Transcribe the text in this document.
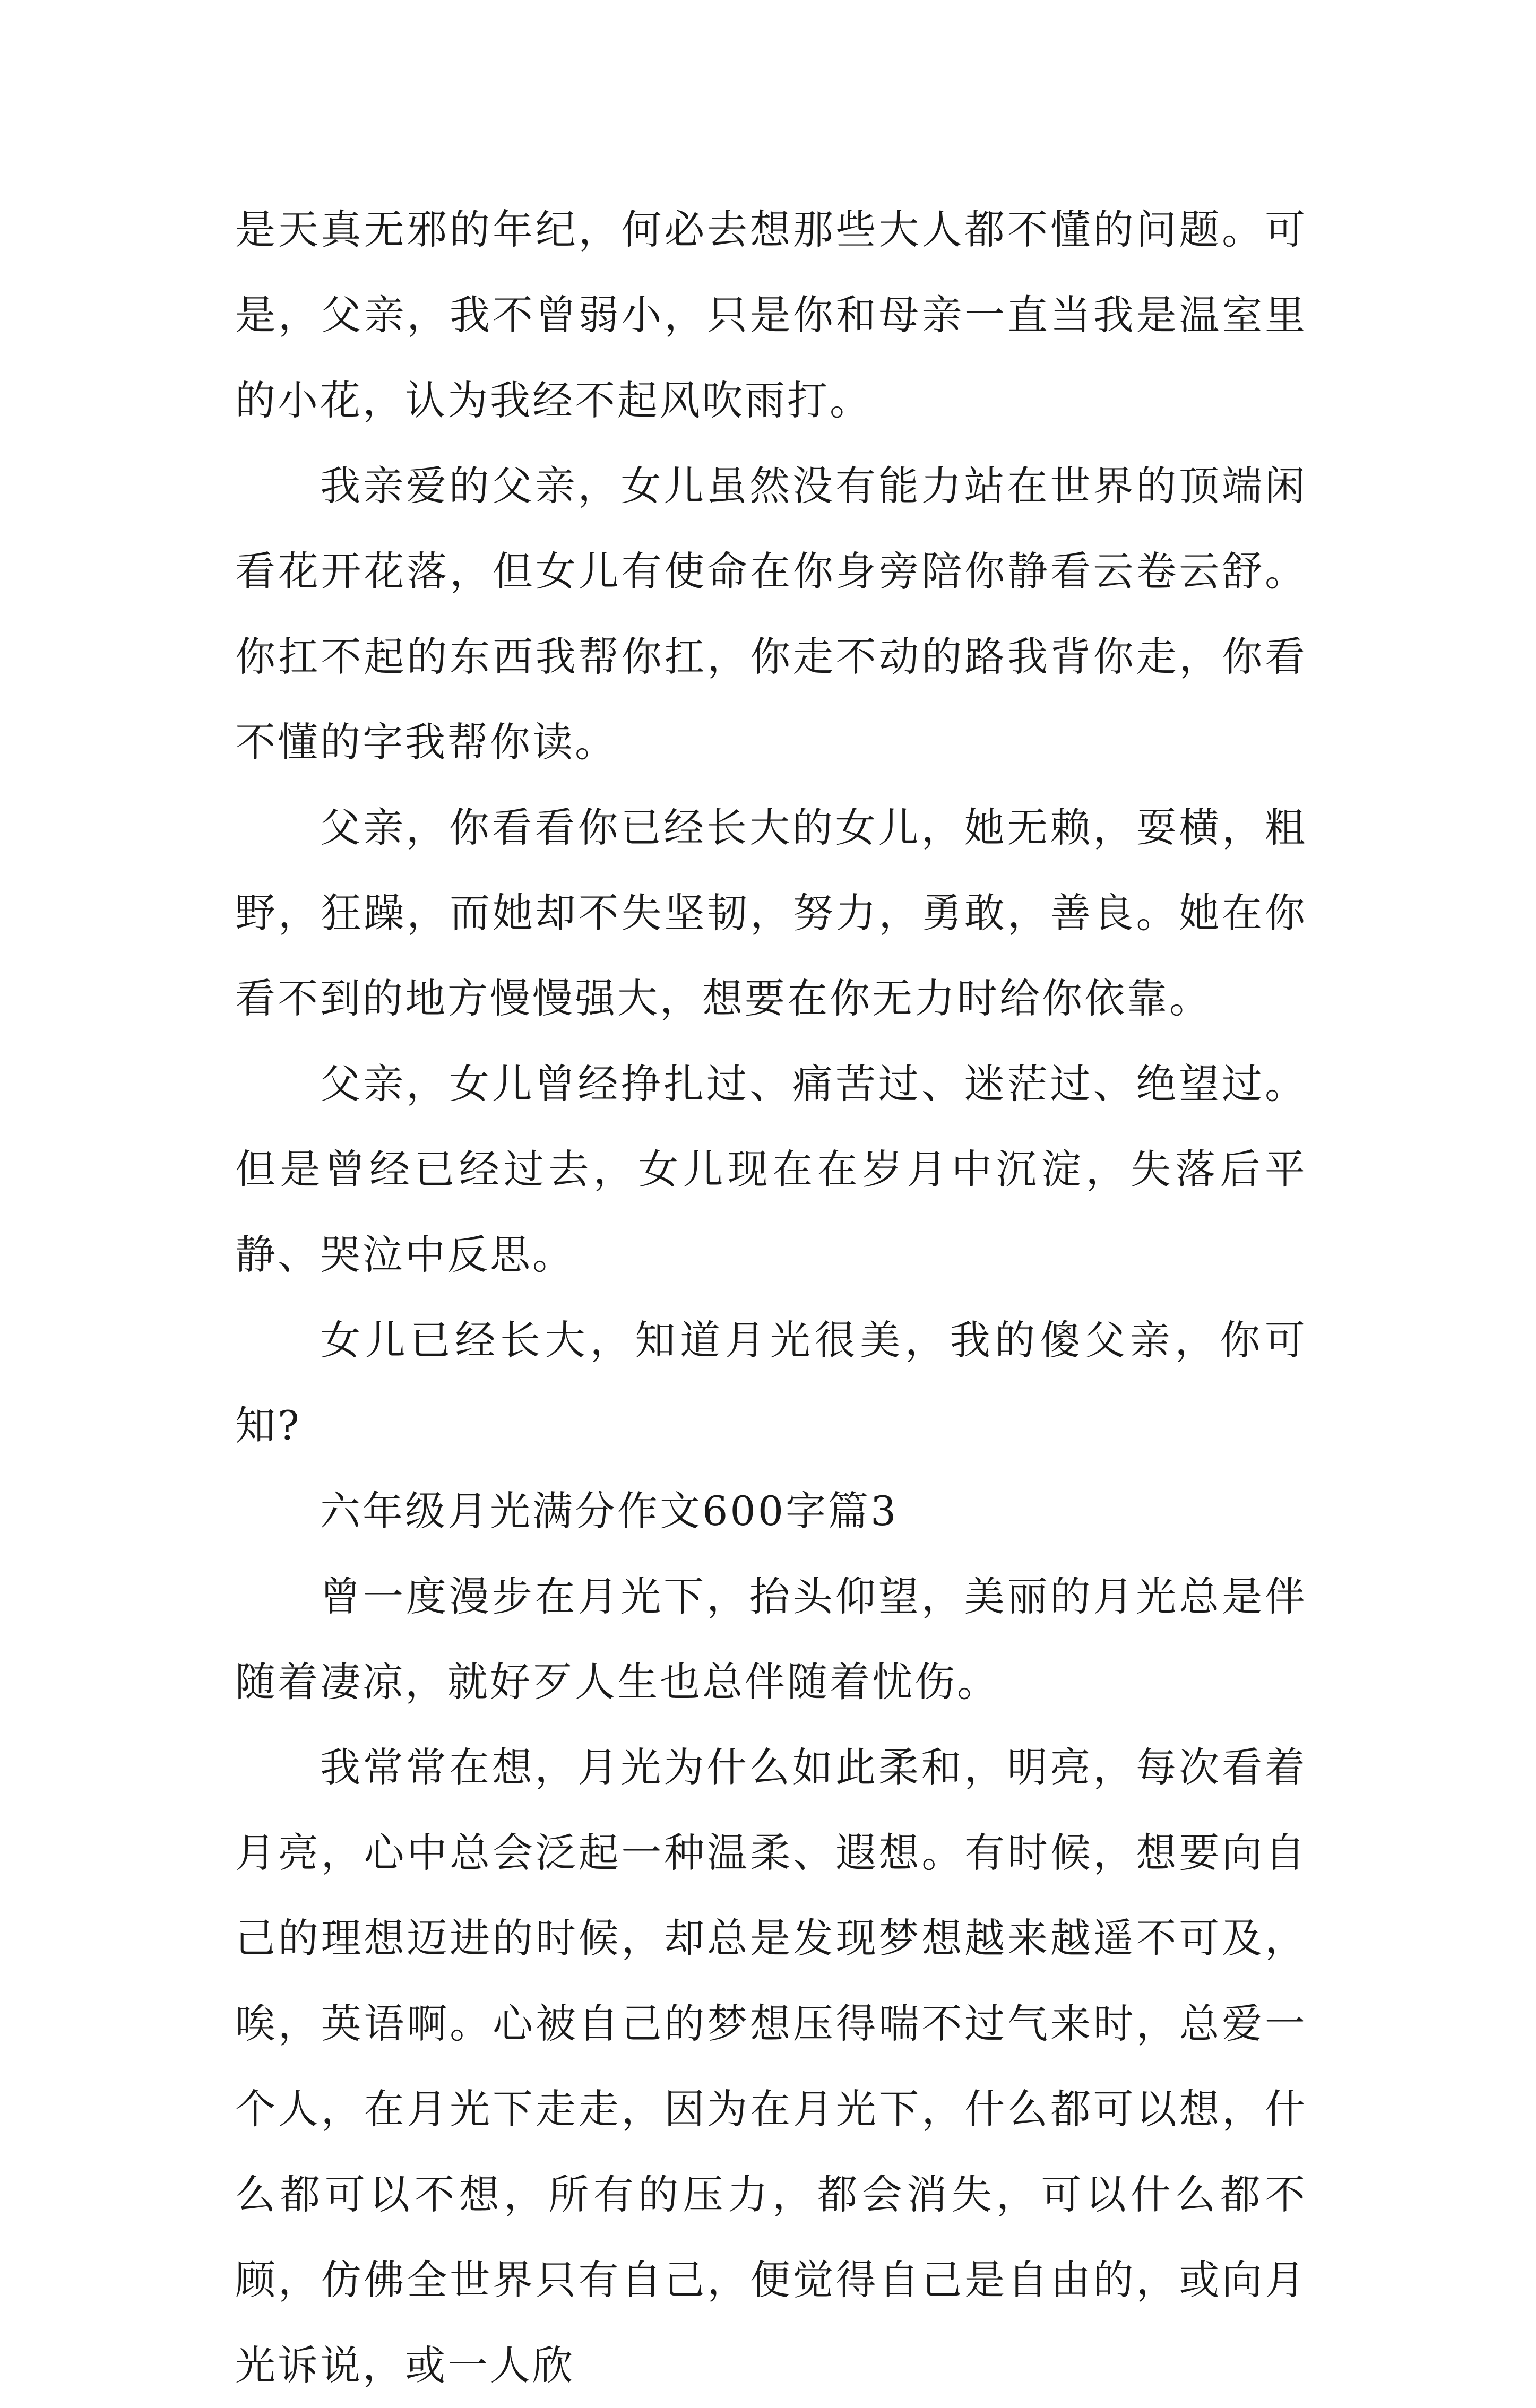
是天真无邪的年纪，何必去想那些大人都不懂的问题。可是，父亲，我不曾弱小，只是你和母亲一直当我是温室里的小花，认为我经不起风吹雨打。

我亲爱的父亲，女儿虽然没有能力站在世界的顶端闲看花开花落，但女儿有使命在你身旁陪你静看云卷云舒。你扛不起的东西我帮你扛，你走不动的路我背你走，你看不懂的字我帮你读。

父亲，你看看你已经长大的女儿，她无赖，耍横，粗野，狂躁，而她却不失坚韧，努力，勇敢，善良。她在你看不到的地方慢慢强大，想要在你无力时给你依靠。

父亲，女儿曾经挣扎过、痛苦过、迷茫过、绝望过。但是曾经已经过去，女儿现在在岁月中沉淀，失落后平静、哭泣中反思。

女儿已经长大，知道月光很美，我的傻父亲，你可知?

六年级月光满分作文600字篇3

曾一度漫步在月光下，抬头仰望，美丽的月光总是伴随着凄凉，就好歹人生也总伴随着忧伤。

我常常在想，月光为什么如此柔和，明亮，每次看着月亮，心中总会泛起一种温柔、遐想。有时候，想要向自己的理想迈进的时候，却总是发现梦想越来越遥不可及，唉，英语啊。心被自己的梦想压得喘不过气来时，总爱一个人，在月光下走走，因为在月光下，什么都可以想，什么都可以不想，所有的压力，都会消失，可以什么都不顾，仿佛全世界只有自己，便觉得自己是自由的，或向月光诉说，或一人欣
